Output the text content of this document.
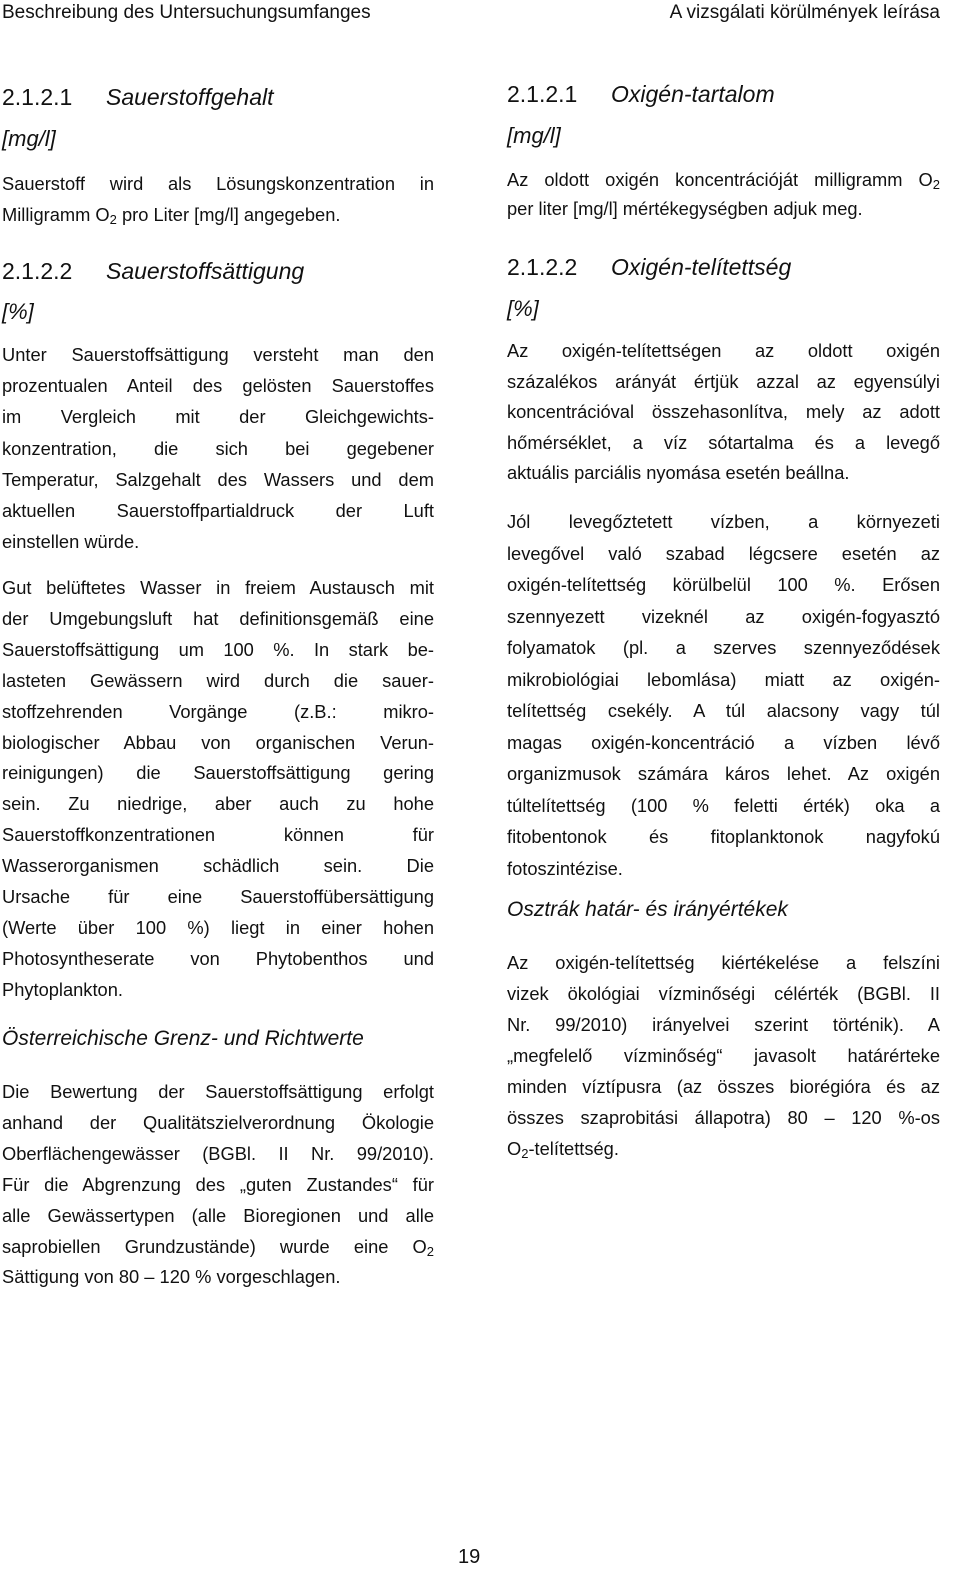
Beschreibung des Untersuchungsumfanges	A vizsgálati körülmények leírása
2.1.2.1 Sauerstoffgehalt
[mg/l]
Sauerstoff wird als Lösungskonzentration in
Milligramm $O_2$ pro Liter [mg/l] angegeben.
2.1.2.2 Sauerstoffsättigung
[%]
Unter Sauerstoffsättigung versteht man den
prozentualen Anteil des gelösten Sauerstoffes
im Vergleich mit der Gleichgewichts-
konzentration, die sich bei gegebener
Temperatur, Salzgehalt des Wassers und dem
aktuellen Sauerstoffpartialdruck der Luft
einstellen würde.
Gut belüftetes Wasser in freiem Austausch mit
der Umgebungsluft hat definitionsgemäß eine
Sauerstoffsättigung um 100 %. In stark be-
lasteten Gewässern wird durch die sauer-
stoffzehrenden Vorgänge (z.B.: mikro-
biologischer Abbau von organischen Verun-
reinigungen) die Sauerstoffsättigung gering
sein. Zu niedrige, aber auch zu hohe
Sauerstoffkonzentrationen können für
Wasserorganismen schädlich sein. Die
Ursache für eine Sauerstoffübersättigung
(Werte über 100 %) liegt in einer hohen
Photosyntheserate von Phytobenthos und
Phytoplankton.
Österreichische Grenz- und Richtwerte
Die Bewertung der Sauerstoffsättigung erfolgt
anhand der Qualitätszielverordnung Ökologie
Oberflächengewässer (BGBl. II Nr. 99/2010).
Für die Abgrenzung des „guten Zustandes“ für
alle Gewässertypen (alle Bioregionen und alle
saprobiellen Grundzustände) wurde eine $O_2$
Sättigung von 80 – 120 % vorgeschlagen.
2.1.2.1 Oxigén-tartalom
[mg/l]
Az oldott oxigén koncentrációját milligramm $O_2$
per liter [mg/l] mértékegységben adjuk meg.
2.1.2.2 Oxigén-telítettség
[%]
Az oxigén-telítettségen az oldott oxigén
százalékos arányát értjük azzal az egyensúlyi
koncentrációval összehasonlítva, mely az adott
hőmérséklet, a víz sótartalma és a levegő
aktuális parciális nyomása esetén beállna.
Jól levegőztetett vízben, a környezeti
levegővel való szabad légcsere esetén az
oxigén-telítettség körülbelül 100 %. Erősen
szennyezett vizeknél az oxigén-fogyasztó
folyamatok (pl. a szerves szennyeződések
mikrobiológiai lebomlása) miatt az oxigén-
telítettség csekély. A túl alacsony vagy túl
magas oxigén-koncentráció a vízben lévő
organizmusok számára káros lehet. Az oxigén
túltelítettség (100 % feletti érték) oka a
fitobentonok és fitoplanktonok nagyfokú
fotoszintézise.
Osztrák határ- és irányértékek
Az oxigén-telítettség kiértékelése a felszíni
vizek ökológiai vízminőségi célérték (BGBl. II
Nr. 99/2010) irányelvei szerint történik). A
„megfelelő vízminőség“ javasolt határérteke
minden víztípusra (az összes biorégióra és az
összes szaprobitási állapotra) 80 – 120 %-os
$O_2$-telítettség.
19
